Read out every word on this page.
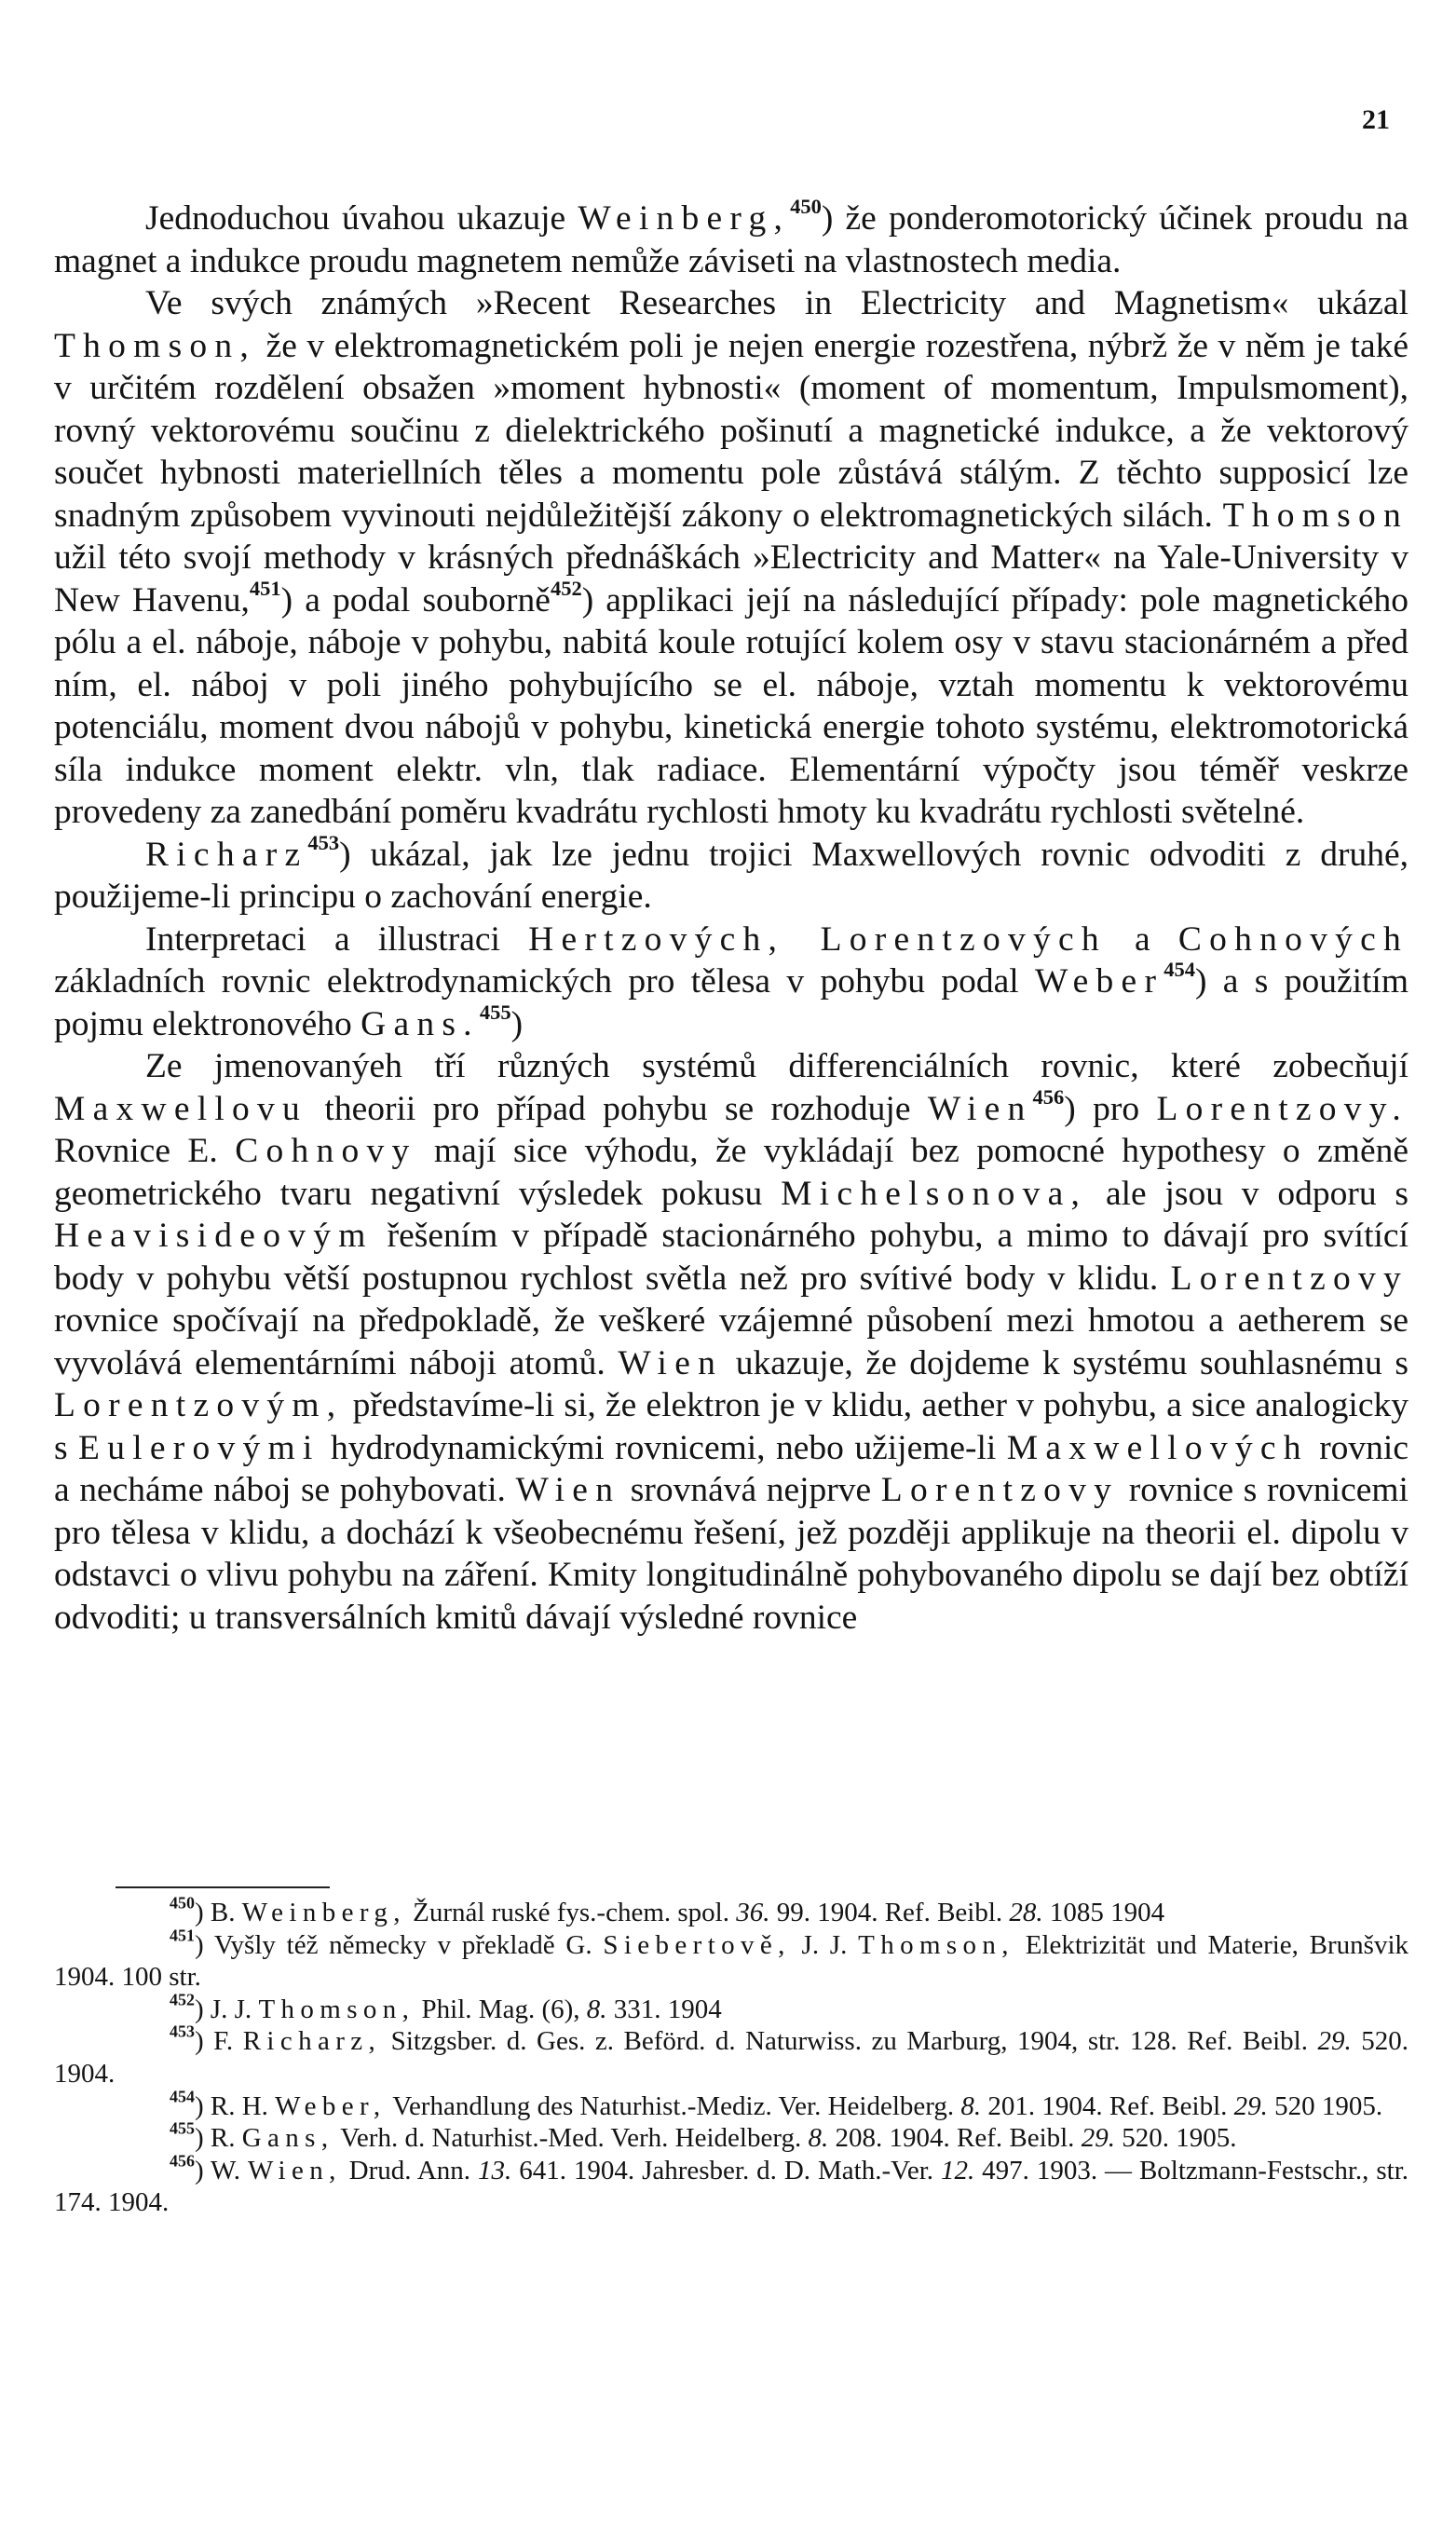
21

Jednoduchou úvahou ukazuje Weinberg,$^{450}$) že ponderomotorický účinek proudu na magnet a indukce proudu magnetem nemůže záviseti na vlastnostech media.

Ve svých známých »Recent Researches in Electricity and Magnetism« ukázal Thomson, že v elektromagnetickém poli je nejen energie rozestřena, nýbrž že v něm je také v určitém rozdělení obsažen »moment hybnosti« (moment of momentum, Impulsmoment), rovný vektorovému součinu z dielektrického pošinutí a magnetické indukce, a že vektorový součet hybnosti materiellních těles a momentu pole zůstává stálým. Z těchto supposicí lze snadným způsobem vyvinouti nejdůležitější zákony o elektromagnetických silách. Thomson užil této svojí methody v krásných přednáškách »Electricity and Matter« na Yale-University v New Havenu,$^{451}$) a podal souborně$^{452}$) applikaci její na následující případy: pole magnetického pólu a el. náboje, náboje v pohybu, nabitá koule rotující kolem osy v stavu stacionárném a před ním, el. náboj v poli jiného pohybujícího se el. náboje, vztah momentu k vektorovému potenciálu, moment dvou nábojů v pohybu, kinetická energie tohoto systému, elektromotorická síla indukce moment elektr. vln, tlak radiace. Elementární výpočty jsou téměř veskrze provedeny za zanedbání poměru kvadrátu rychlosti hmoty ku kvadrátu rychlosti světelné.

Richarz$^{453}$) ukázal, jak lze jednu trojici Maxwellových rovnic odvoditi z druhé, použijeme-li principu o zachování energie.

Interpretaci a illustraci Hertzových, Lorentzových a Cohnových základních rovnic elektrodynamických pro tělesa v pohybu podal Weber$^{454}$) a s použitím pojmu elektronového Gans.$^{455}$)

Ze jmenovanýeh tří různých systémů differenciálních rovnic, které zobecňují Maxwellovu theorii pro případ pohybu se rozhoduje Wien$^{456}$) pro Lorentzovy. Rovnice E. Cohnovy mají sice výhodu, že vykládají bez pomocné hypothesy o změně geometrického tvaru negativní výsledek pokusu Michelsonova, ale jsou v odporu s Heavisideovým řešením v případě stacionárného pohybu, a mimo to dávají pro svítící body v pohybu větší postupnou rychlost světla než pro svítivé body v klidu. Lorentzovy rovnice spočívají na předpokladě, že veškeré vzájemné působení mezi hmotou a aetherem se vyvolává elementárními náboji atomů. Wien ukazuje, že dojdeme k systému souhlasnému s Lorentzovým, představíme-li si, že elektron je v klidu, aether v pohybu, a sice analogicky s Eulerovými hydrodynamickými rovnicemi, nebo užijeme-li Maxwellových rovnic a necháme náboj se pohybovati. Wien srovnává nejprve Lorentzovy rovnice s rovnicemi pro tělesa v klidu, a dochází k všeobecnému řešení, jež později applikuje na theorii el. dipolu v odstavci o vlivu pohybu na záření. Kmity longitudinálně pohybovaného dipolu se dají bez obtíží odvoditi; u transversálních kmitů dávají výsledné rovnice

$^{450}$) B. Weinberg, Žurnál ruské fys.-chem. spol. 36. 99. 1904. Ref. Beibl. 28. 1085 1904

$^{451}$) Vyšly též německy v překladě G. Siebertově, J. J. Thomson, Elektrizität und Materie, Brunšvik 1904. 100 str.

$^{452}$) J. J. Thomson, Phil. Mag. (6), 8. 331. 1904

$^{453}$) F. Richarz, Sitzgsber. d. Ges. z. Beförd. d. Naturwiss. zu Marburg, 1904, str. 128. Ref. Beibl. 29. 520. 1904.

$^{454}$) R. H. Weber, Verhandlung des Naturhist.-Mediz. Ver. Heidelberg. 8. 201. 1904. Ref. Beibl. 29. 520 1905.

$^{455}$) R. Gans, Verh. d. Naturhist.-Med. Verh. Heidelberg. 8. 208. 1904. Ref. Beibl. 29. 520. 1905.

$^{456}$) W. Wien, Drud. Ann. 13. 641. 1904. Jahresber. d. D. Math.-Ver. 12. 497. 1903. — Boltzmann-Festschr., str. 174. 1904.
